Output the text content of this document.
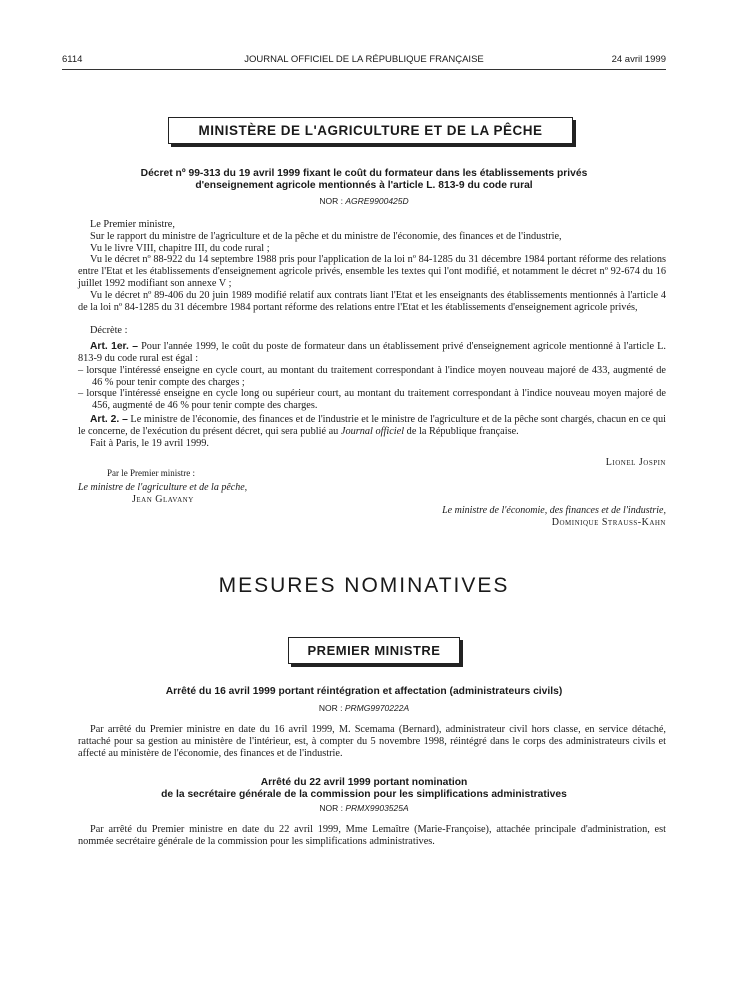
6114	JOURNAL OFFICIEL DE LA RÉPUBLIQUE FRANÇAISE	24 avril 1999
MINISTÈRE DE L'AGRICULTURE ET DE LA PÊCHE
Décret nº 99-313 du 19 avril 1999 fixant le coût du formateur dans les établissements privés
d'enseignement agricole mentionnés à l'article L. 813-9 du code rural
NOR : AGRE9900425D

Le Premier ministre,

Sur le rapport du ministre de l'agriculture et de la pêche et du ministre de l'économie, des finances et de l'industrie,

Vu le livre VIII, chapitre III, du code rural ;

Vu le décret nº 88-922 du 14 septembre 1988 pris pour l'application de la loi nº 84-1285 du 31 décembre 1984 portant réforme des relations entre l'Etat et les établissements d'enseignement agricole privés, ensemble les textes qui l'ont modifié, et notamment le décret nº 92-674 du 16 juillet 1992 modifiant son annexe V ;

Vu le décret nº 89-406 du 20 juin 1989 modifié relatif aux contrats liant l'Etat et les enseignants des établissements mentionnés à l'article 4 de la loi nº 84-1285 du 31 décembre 1984 portant réforme des relations entre l'Etat et les établissements d'enseignement agricole privés,

Décrète :

Art. 1er. – Pour l'année 1999, le coût du poste de formateur dans un établissement privé d'enseignement agricole mentionné à l'article L. 813-9 du code rural est égal :

– lorsque l'intéressé enseigne en cycle court, au montant du traitement correspondant à l'indice moyen nouveau majoré de 433, augmenté de 46 % pour tenir compte des charges ;

– lorsque l'intéressé enseigne en cycle long ou supérieur court, au montant du traitement correspondant à l'indice nouveau moyen majoré de 456, augmenté de 46 % pour tenir compte des charges.

Art. 2. – Le ministre de l'économie, des finances et de l'industrie et le ministre de l'agriculture et de la pêche sont chargés, chacun en ce qui le concerne, de l'exécution du présent décret, qui sera publié au Journal officiel de la République française.

Fait à Paris, le 19 avril 1999.

Lionel Jospin
Par le Premier ministre :
Le ministre de l'agriculture et de la pêche,
Jean Glavany
Le ministre de l'économie, des finances et de l'industrie,
Dominique Strauss-Kahn
MESURES NOMINATIVES
PREMIER MINISTRE
Arrêté du 16 avril 1999 portant réintégration et affectation (administrateurs civils)
NOR : PRMG9970222A

Par arrêté du Premier ministre en date du 16 avril 1999, M. Scemama (Bernard), administrateur civil hors classe, en service détaché, rattaché pour sa gestion au ministère de l'intérieur, est, à compter du 5 novembre 1998, réintégré dans le corps des administrateurs civils et affecté au ministère de l'économie, des finances et de l'industrie.

Arrêté du 22 avril 1999 portant nomination
de la secrétaire générale de la commission pour les simplifications administratives
NOR : PRMX9903525A

Par arrêté du Premier ministre en date du 22 avril 1999, Mme Lemaître (Marie-Françoise), attachée principale d'administration, est nommée secrétaire générale de la commission pour les simplifications administratives.
